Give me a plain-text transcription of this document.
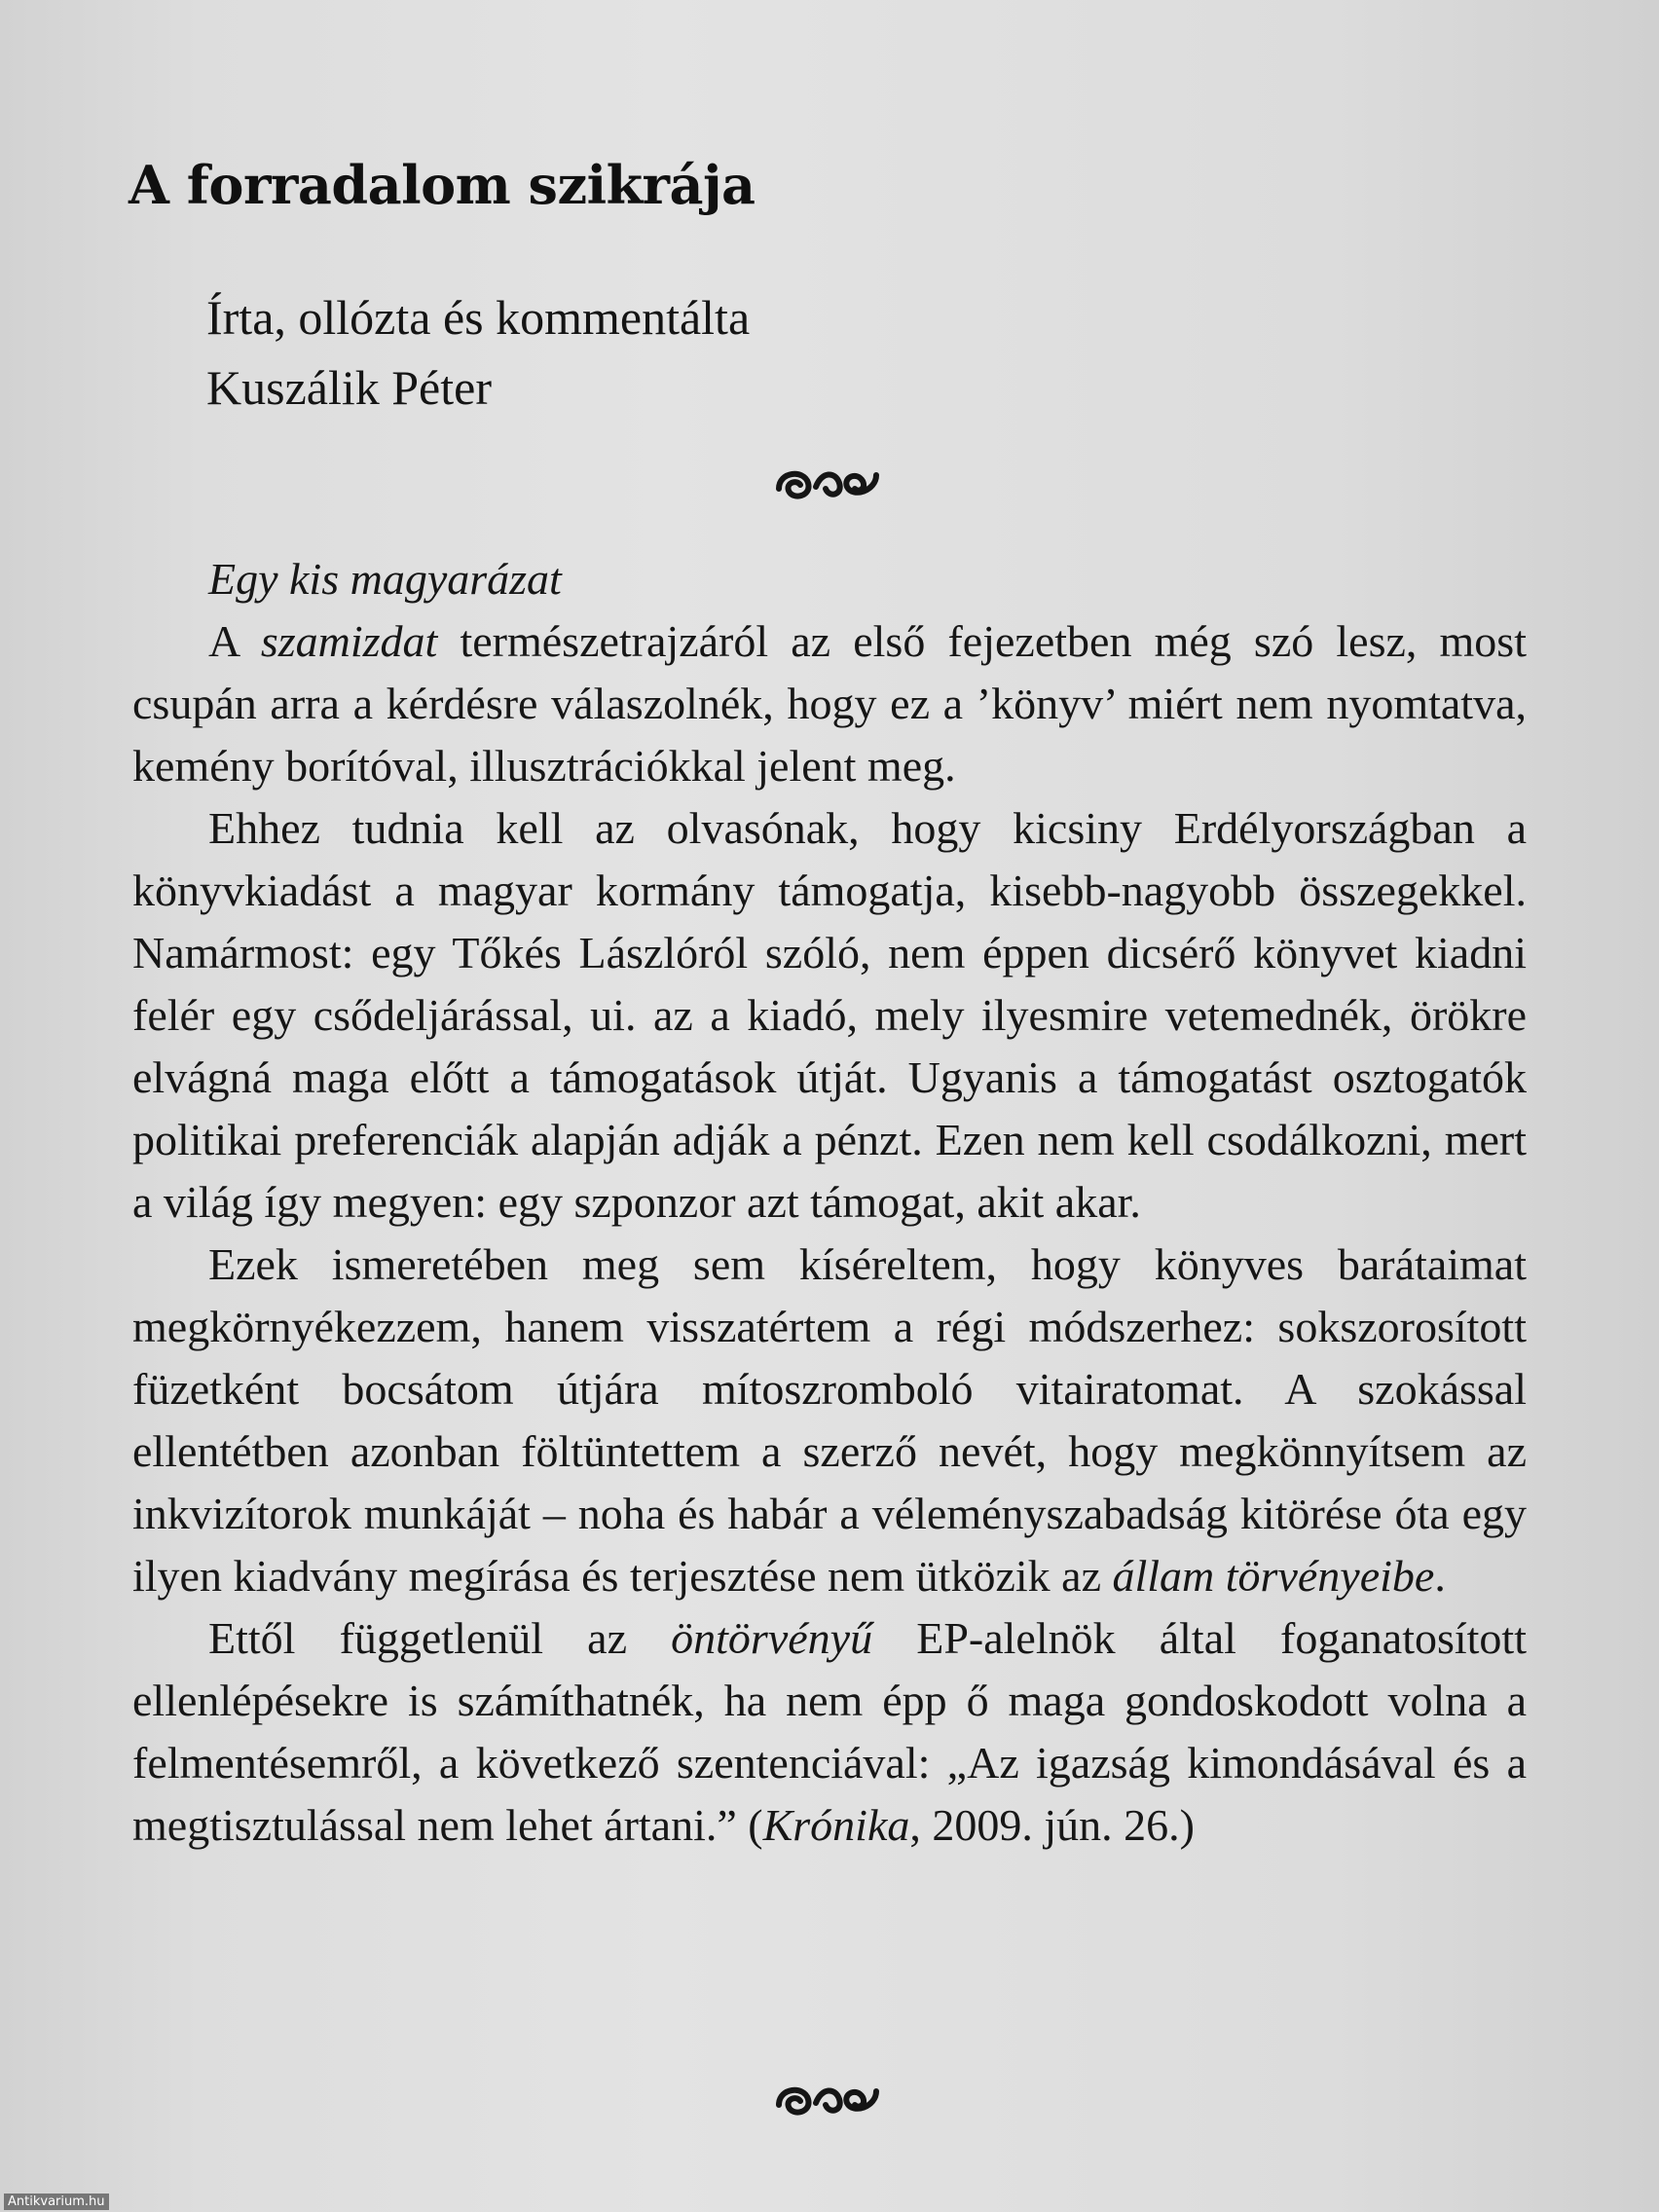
A forradalom szikrája
Írta, ollózta és kommentálta
Kuszálik Péter

Egy kis magyarázat

A szamizdat természetrajzáról az első fejezetben még szó lesz, most csupán arra a kérdésre válaszolnék, hogy ez a ’könyv’ miért nem nyomtatva, kemény borítóval, illusztrációkkal jelent meg.

Ehhez tudnia kell az olvasónak, hogy kicsiny Erdélyországban a könyvkiadást a magyar kormány támogatja, kisebb-nagyobb összegekkel. Namármost: egy Tőkés Lászlóról szóló, nem éppen dicsérő könyvet kiadni felér egy csődeljárással, ui. az a kiadó, mely ilyesmire vetemednék, örökre elvágná maga előtt a támogatások útját. Ugyanis a támogatást osztogatók politikai preferenciák alapján adják a pénzt. Ezen nem kell csodálkozni, mert a világ így megyen: egy szponzor azt támogat, akit akar.

Ezek ismeretében meg sem kíséreltem, hogy könyves barátaimat megkörnyékezzem, hanem visszatértem a régi módszerhez: sokszorosított füzetként bocsátom útjára mítoszromboló vitairatomat. A szokással ellentétben azonban föltüntettem a szerző nevét, hogy megkönnyítsem az inkvizítorok munkáját – noha és habár a véleményszabadság kitörése óta egy ilyen kiadvány megírása és terjesztése nem ütközik az állam törvényeibe.

Ettől függetlenül az öntörvényű EP-alelnök által foganatosított ellenlépésekre is számíthatnék, ha nem épp ő maga gondoskodott volna a felmentésemről, a következő szentenciával: „Az igazság kimondásával és a megtisztulással nem lehet ártani.” (Krónika, 2009. jún. 26.)

Antikvarium.hu
